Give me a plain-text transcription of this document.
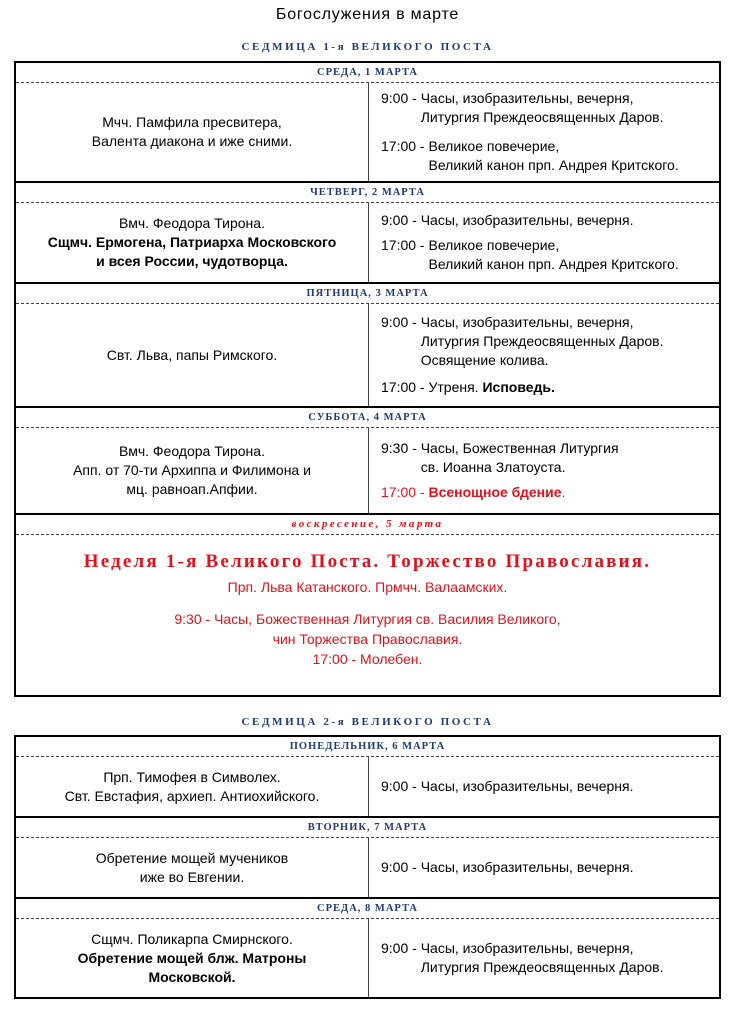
Богослужения в марте
СЕДМИЦА 1-я ВЕЛИКОГО ПОСТА
СРЕДА, 1 МАРТА
Мчч. Памфила пресвитера,
Валента диакона и иже сними.
9:00 - Часы, изобразительны, вечерня,
Литургия Преждеосвященных Даров.
17:00 - Великое повечерие,
Великий канон прп. Андрея Критского.
ЧЕТВЕРГ, 2 МАРТА
Вмч. Феодора Тирона.
Сщмч. Ермогена, Патриарха Московского
и всея России, чудотворца.
9:00 - Часы, изобразительны, вечерня.
17:00 - Великое повечерие,
Великий канон прп. Андрея Критского.
ПЯТНИЦА, 3 МАРТА
Свт. Льва, папы Римского.
9:00 - Часы, изобразительны, вечерня,
Литургия Преждеосвященных Даров.
Освящение колива.
17:00 - Утреня. Исповедь.
СУББОТА, 4 МАРТА
Вмч. Феодора Тирона.
Апп. от 70-ти Архиппа и Филимона и
мц. равноап.Апфии.
9:30 - Часы, Божественная Литургия
св. Иоанна Златоуста.
17:00 - Всенощное бдение.
воскресение, 5 марта
Неделя 1-я Великого Поста. Торжество Православия.
Прп. Льва Катанского. Прмчч. Валаамских.
9:30 - Часы, Божественная Литургия св. Василия Великого,
чин Торжества Православия.
17:00 - Молебен.
СЕДМИЦА 2-я ВЕЛИКОГО ПОСТА
ПОНЕДЕЛЬНИК, 6 МАРТА
Прп. Тимофея в Символех.
Свт. Евстафия, архиеп. Антиохийского.
9:00 - Часы, изобразительны, вечерня.
ВТОРНИК, 7 МАРТА
Обретение мощей мучеников
иже во Евгении.
9:00 - Часы, изобразительны, вечерня.
СРЕДА, 8 МАРТА
Сщмч. Поликарпа Смирнского.
Обретение мощей блж. Матроны
Московской.
9:00 - Часы, изобразительны, вечерня,
Литургия Преждеосвященных Даров.
